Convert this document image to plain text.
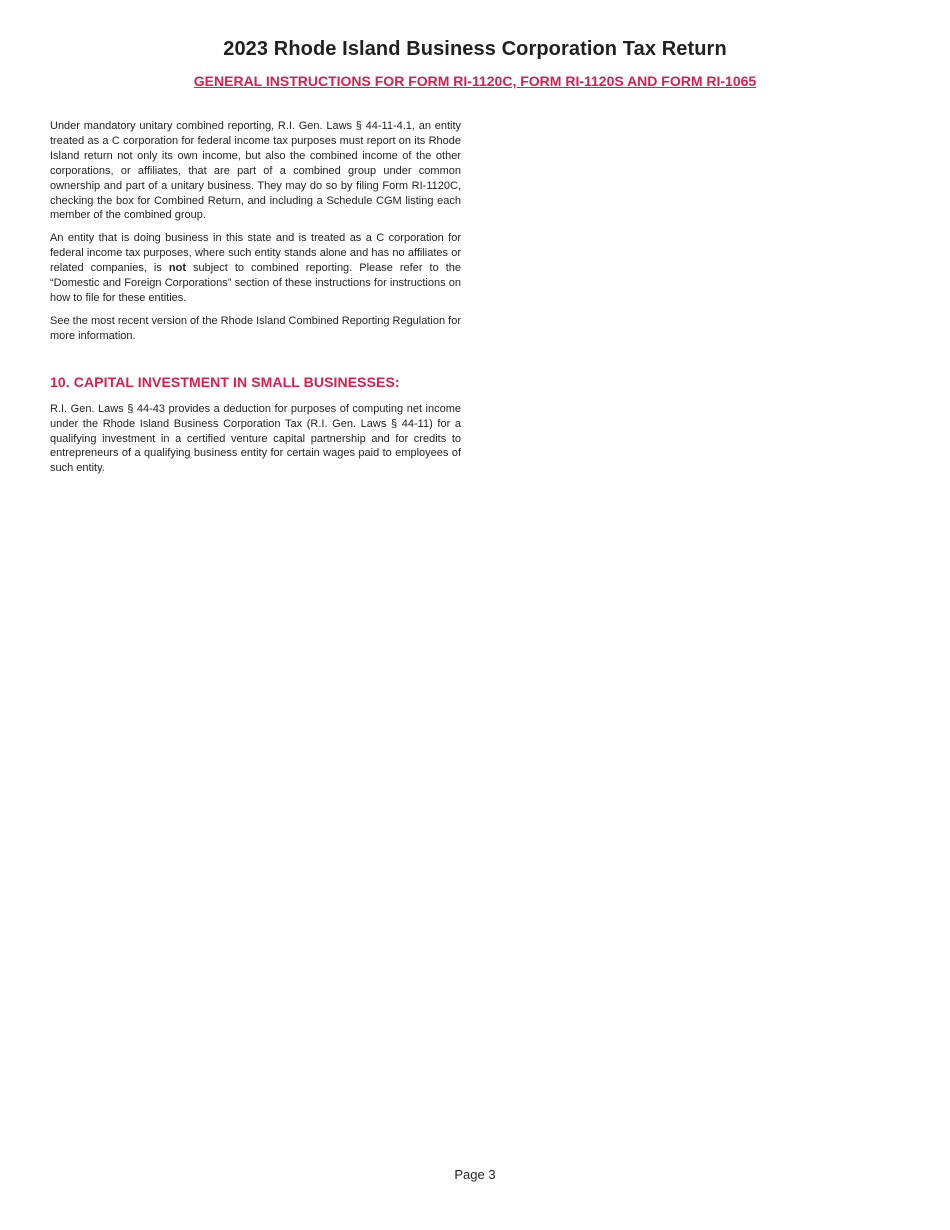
2023 Rhode Island Business Corporation Tax Return
GENERAL INSTRUCTIONS FOR FORM RI-1120C, FORM RI-1120S AND FORM RI-1065

Under mandatory unitary combined reporting, R.I. Gen. Laws § 44-11-4.1, an entity treated as a C corporation for federal income tax purposes must report on its Rhode Island return not only its own income, but also the combined income of the other corporations, or affiliates, that are part of a combined group under common ownership and part of a unitary business. They may do so by filing Form RI-1120C, checking the box for Combined Return, and including a Schedule CGM listing each member of the combined group.

An entity that is doing business in this state and is treated as a C corporation for federal income tax purposes, where such entity stands alone and has no affiliates or related companies, is not subject to combined reporting. Please refer to the “Domestic and Foreign Corporations” section of these instructions for instructions on how to file for these entities.

See the most recent version of the Rhode Island Combined Reporting Regulation for more information.

10. CAPITAL INVESTMENT IN SMALL BUSINESSES:

R.I. Gen. Laws § 44-43 provides a deduction for purposes of computing net income under the Rhode Island Business Corporation Tax (R.I. Gen. Laws § 44-11) for a qualifying investment in a certified venture capital partnership and for credits to entrepreneurs of a qualifying business entity for certain wages paid to employees of such entity.

Page 3
